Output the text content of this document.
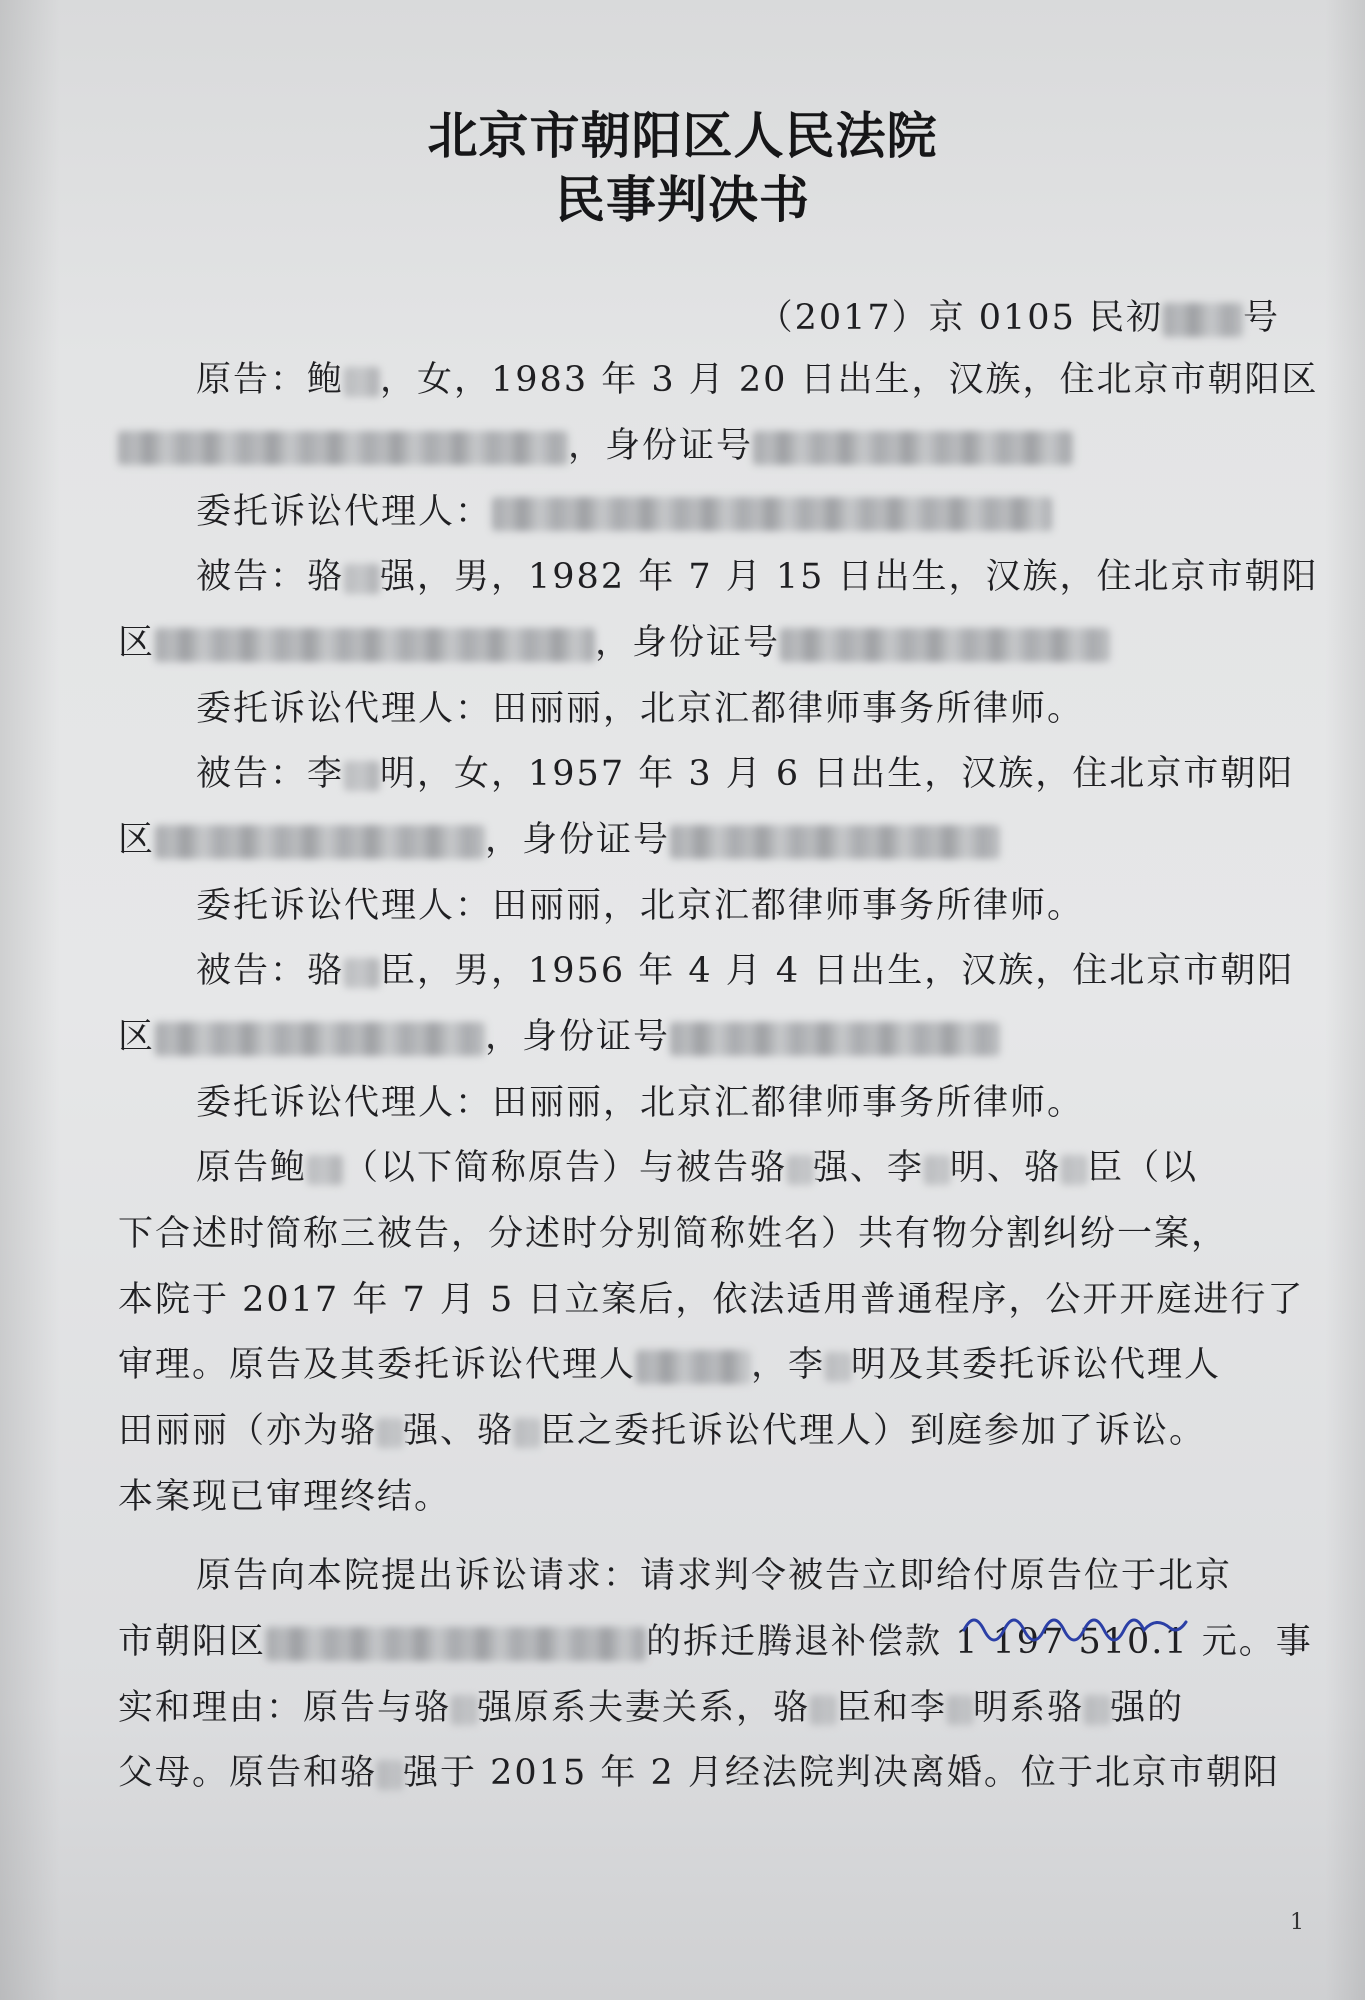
北京市朝阳区人民法院
民事判决书
（2017）京 0105 民初 号
原告：鲍 ，女，1983 年 3 月 20 日出生，汉族，住北京市朝阳区
，身份证号
委托诉讼代理人：
被告：骆 强，男，1982 年 7 月 15 日出生，汉族，住北京市朝阳
区	，身份证号
委托诉讼代理人：田丽丽，北京汇都律师事务所律师。
被告：李 明，女，1957 年 3 月 6 日出生，汉族，住北京市朝阳
区	，身份证号
委托诉讼代理人：田丽丽，北京汇都律师事务所律师。
被告：骆 臣，男，1956 年 4 月 4 日出生，汉族，住北京市朝阳
区	，身份证号
委托诉讼代理人：田丽丽，北京汇都律师事务所律师。
原告鲍 （以下简称原告）与被告骆 强、李 明、骆 臣（以
下合述时简称三被告，分述时分别简称姓名）共有物分割纠纷一案，
本院于 2017 年 7 月 5 日立案后，依法适用普通程序，公开开庭进行了
审理。原告及其委托诉讼代理人	，李 明及其委托诉讼代理人
田丽丽（亦为骆 强、骆 臣之委托诉讼代理人）到庭参加了诉讼。
本案现已审理终结。
原告向本院提出诉讼请求：请求判令被告立即给付原告位于北京
市朝阳区	的拆迁腾退补偿款 1 197 510.1 元。事
实和理由：原告与骆 强原系夫妻关系，骆 臣和李 明系骆 强的
父母。原告和骆 强于 2015 年 2 月经法院判决离婚。位于北京市朝阳
1
